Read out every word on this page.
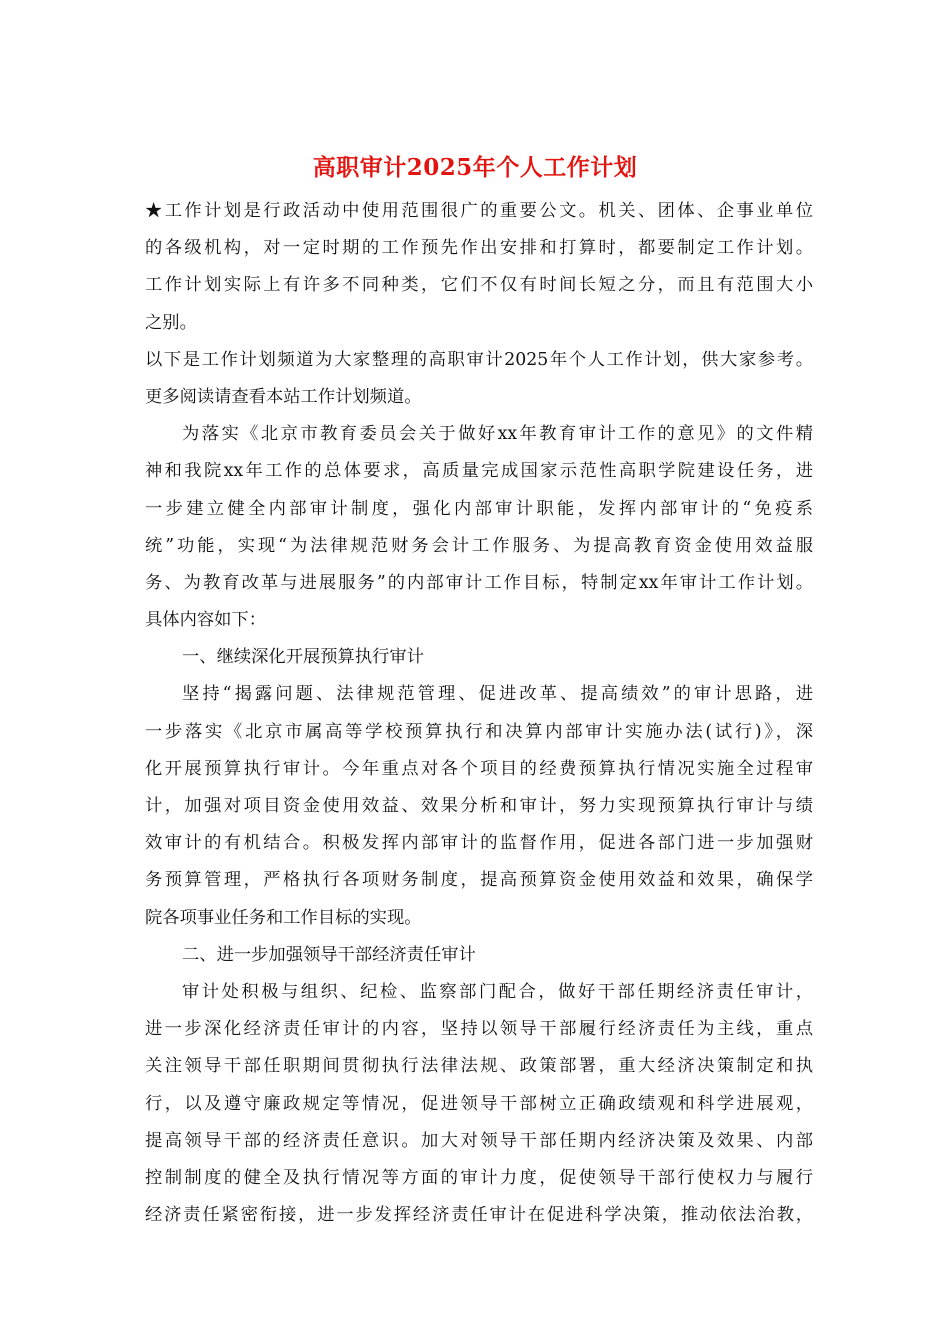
高职审计2025年个人工作计划
★工作计划是行政活动中使用范围很广的重要公文。机关、团体、企事业单位
的各级机构，对一定时期的工作预先作出安排和打算时，都要制定工作计划。
工作计划实际上有许多不同种类，它们不仅有时间长短之分，而且有范围大小
之别。
以下是工作计划频道为大家整理的高职审计2025年个人工作计划，供大家参考。
更多阅读请查看本站工作计划频道。
为落实《北京市教育委员会关于做好xx年教育审计工作的意见》的文件精
神和我院xx年工作的总体要求，高质量完成国家示范性高职学院建设任务，进
一步建立健全内部审计制度，强化内部审计职能，发挥内部审计的“免疫系
统”功能，实现“为法律规范财务会计工作服务、为提高教育资金使用效益服
务、为教育改革与进展服务”的内部审计工作目标，特制定xx年审计工作计划。
具体内容如下：
一、继续深化开展预算执行审计
坚持“揭露问题、法律规范管理、促进改革、提高绩效”的审计思路，进
一步落实《北京市属高等学校预算执行和决算内部审计实施办法(试行)》，深
化开展预算执行审计。今年重点对各个项目的经费预算执行情况实施全过程审
计，加强对项目资金使用效益、效果分析和审计，努力实现预算执行审计与绩
效审计的有机结合。积极发挥内部审计的监督作用，促进各部门进一步加强财
务预算管理，严格执行各项财务制度，提高预算资金使用效益和效果，确保学
院各项事业任务和工作目标的实现。
二、进一步加强领导干部经济责任审计
审计处积极与组织、纪检、监察部门配合，做好干部任期经济责任审计，
进一步深化经济责任审计的内容，坚持以领导干部履行经济责任为主线，重点
关注领导干部任职期间贯彻执行法律法规、政策部署，重大经济决策制定和执
行，以及遵守廉政规定等情况，促进领导干部树立正确政绩观和科学进展观，
提高领导干部的经济责任意识。加大对领导干部任期内经济决策及效果、内部
控制制度的健全及执行情况等方面的审计力度，促使领导干部行使权力与履行
经济责任紧密衔接，进一步发挥经济责任审计在促进科学决策，推动依法治教，
